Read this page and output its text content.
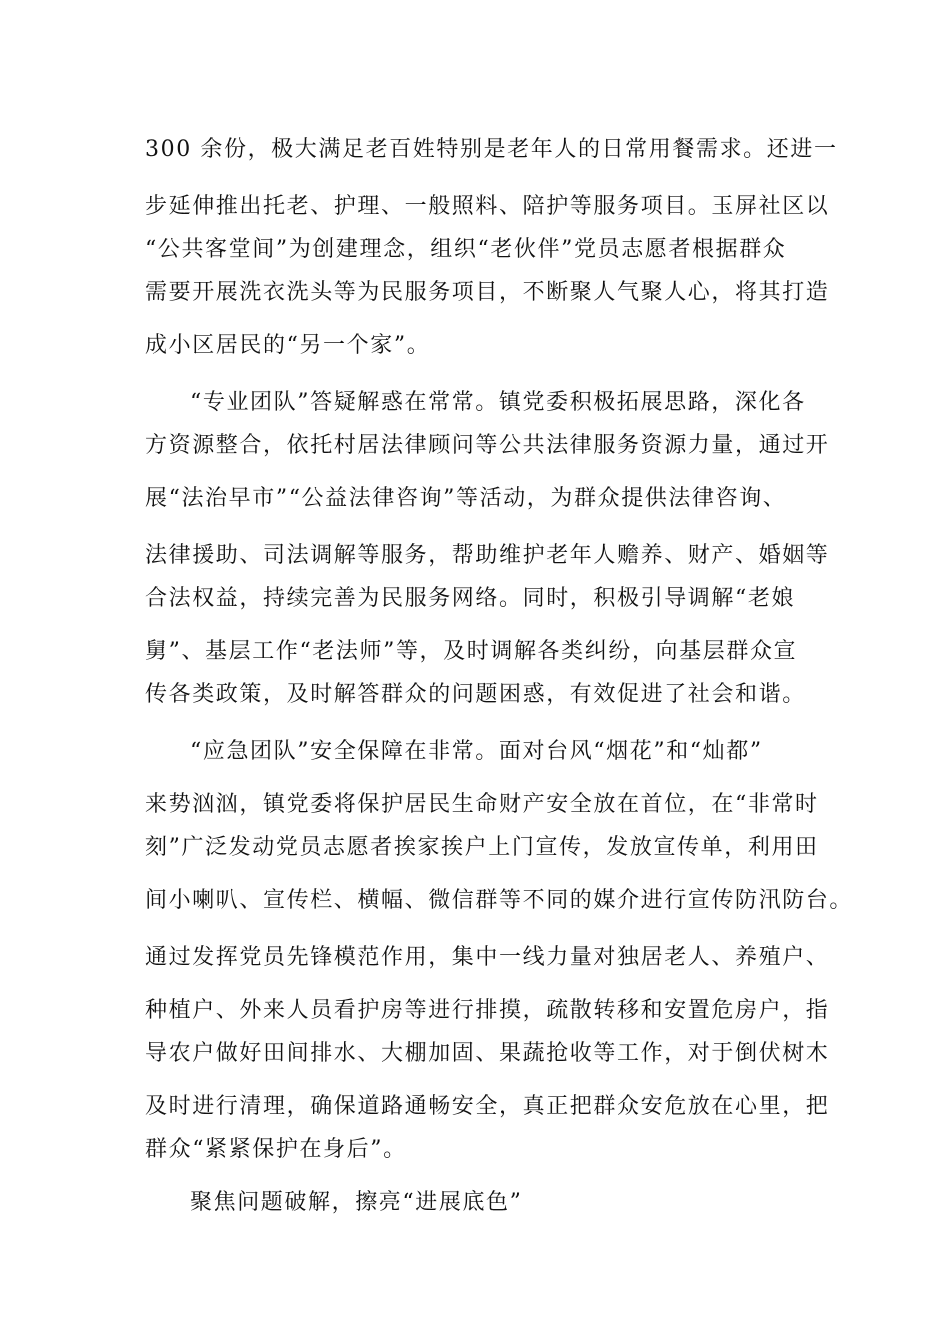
300 余份，极大满足老百姓特别是老年人的日常用餐需求。还进一
步延伸推出托老、护理、一般照料、陪护等服务项目。玉屏社区以
“公共客堂间”为创建理念，组织“老伙伴”党员志愿者根据群众
需要开展洗衣洗头等为民服务项目，不断聚人气聚人心，将其打造
成小区居民的“另一个家”。
“专业团队”答疑解惑在常常。镇党委积极拓展思路，深化各
方资源整合，依托村居法律顾问等公共法律服务资源力量，通过开
展“法治早市”“公益法律咨询”等活动，为群众提供法律咨询、
法律援助、司法调解等服务，帮助维护老年人赡养、财产、婚姻等
合法权益，持续完善为民服务网络。同时，积极引导调解“老娘
舅”、基层工作“老法师”等，及时调解各类纠纷，向基层群众宣
传各类政策，及时解答群众的问题困惑，有效促进了社会和谐。
“应急团队”安全保障在非常。面对台风“烟花”和“灿都”
来势汹汹，镇党委将保护居民生命财产安全放在首位，在“非常时
刻”广泛发动党员志愿者挨家挨户上门宣传，发放宣传单，利用田
间小喇叭、宣传栏、横幅、微信群等不同的媒介进行宣传防汛防台。
通过发挥党员先锋模范作用，集中一线力量对独居老人、养殖户、
种植户、外来人员看护房等进行排摸，疏散转移和安置危房户，指
导农户做好田间排水、大棚加固、果蔬抢收等工作，对于倒伏树木
及时进行清理，确保道路通畅安全，真正把群众安危放在心里，把
群众“紧紧保护在身后”。
聚焦问题破解，擦亮“进展底色”
